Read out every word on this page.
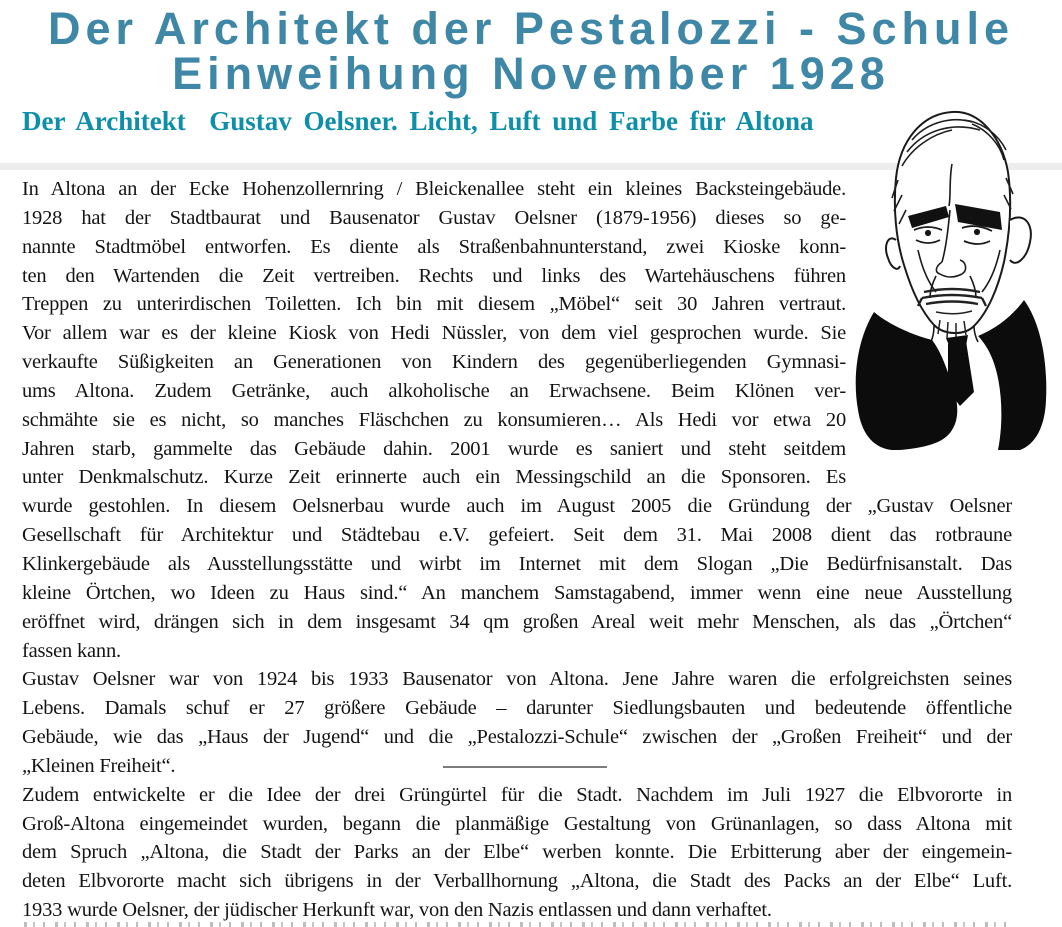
Der Architekt der Pestalozzi - Schule
Einweihung November 1928
Der Architekt  Gustav Oelsner. Licht, Luft und Farbe für Altona
In Altona an der Ecke Hohenzollernring / Bleickenallee steht ein kleines Backsteingebäude.
1928 hat der Stadtbaurat und Bausenator Gustav Oelsner (1879-1956) dieses so ge-
nannte Stadtmöbel entworfen. Es diente als Straßenbahnunterstand, zwei Kioske konn-
ten den Wartenden die Zeit vertreiben. Rechts und links des Wartehäuschens führen
Treppen zu unterirdischen Toiletten. Ich bin mit diesem „Möbel“ seit 30 Jahren vertraut.
Vor allem war es der kleine Kiosk von Hedi Nüssler, von dem viel gesprochen wurde. Sie
verkaufte Süßigkeiten an Generationen von Kindern des gegenüberliegenden Gymnasi-
ums Altona. Zudem Getränke, auch alkoholische an Erwachsene. Beim Klönen ver-
schmähte sie es nicht, so manches Fläschchen zu konsumieren… Als Hedi vor etwa 20
Jahren starb, gammelte das Gebäude dahin. 2001 wurde es saniert und steht seitdem
unter Denkmalschutz. Kurze Zeit erinnerte auch ein Messingschild an die Sponsoren. Es
wurde gestohlen. In diesem Oelsnerbau wurde auch im August 2005 die Gründung der „Gustav Oelsner
Gesellschaft für Architektur und Städtebau e.V. gefeiert. Seit dem 31. Mai 2008 dient das rotbraune
Klinkergebäude als Ausstellungsstätte und wirbt im Internet mit dem Slogan „Die Bedürfnisanstalt. Das
kleine Örtchen, wo Ideen zu Haus sind.“ An manchem Samstagabend, immer wenn eine neue Ausstellung
eröffnet wird, drängen sich in dem insgesamt 34 qm großen Areal weit mehr Menschen, als das „Örtchen“
fassen kann.
Gustav Oelsner war von 1924 bis 1933 Bausenator von Altona. Jene Jahre waren die erfolgreichsten seines
Lebens. Damals schuf er 27 größere Gebäude – darunter Siedlungsbauten und bedeutende öffentliche
Gebäude, wie das „Haus der Jugend“ und die „Pestalozzi-Schule“ zwischen der „Großen Freiheit“ und der
„Kleinen Freiheit“.
Zudem entwickelte er die Idee der drei Grüngürtel für die Stadt. Nachdem im Juli 1927 die Elbvororte in
Groß-Altona eingemeindet wurden, begann die planmäßige Gestaltung von Grünanlagen, so dass Altona mit
dem Spruch „Altona, die Stadt der Parks an der Elbe“ werben konnte. Die Erbitterung aber der eingemein-
deten Elbvororte macht sich übrigens in der Verballhornung „Altona, die Stadt des Packs an der Elbe“ Luft.
1933 wurde Oelsner, der jüdischer Herkunft war, von den Nazis entlassen und dann verhaftet.
